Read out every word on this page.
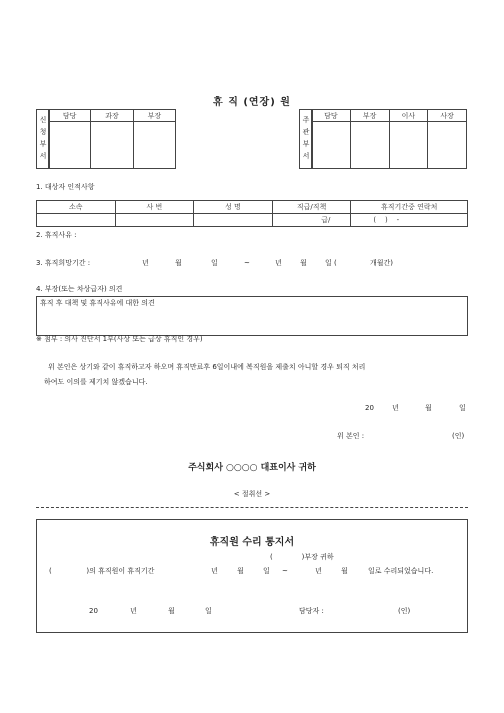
휴 직 (연장) 원
신
청
부
서
담당	과장	부장

주
관
부
서
담당	부장	이사	사장

1. 대상자 인적사항
소속	사 번	성 명	직급/직책	휴직기간중 연락처
			급/	(    )    -
2. 휴직사유 :
3. 휴직희망기간 :	년	월	일	~	년	월	일 (	개월간)
4. 부장(또는 차상급자) 의견
휴직 후 대책 및 휴직사유에 대한 의견
※ 첨부 : 의사 진단서 1부(사상 또는 급상 휴직인 경우)
위 본인은 상기와 같이 휴직하고자 하오며 휴직만료후 6일이내에 복직원을 제출치 아니할 경우 퇴직 처리
하여도 이의를 제기치 않겠습니다.
20	년	월	일
위 본인 :	(인)
주식회사 ○○○○ 대표이사 귀하
< 절취선 >
휴직원 수리 통지서
(             )부장 귀하
( )의 휴직원이 휴직기간	년	월	일 ~	년	월	일로 수리되었습니다.
20	년	월	일	담당자 :	(인)
